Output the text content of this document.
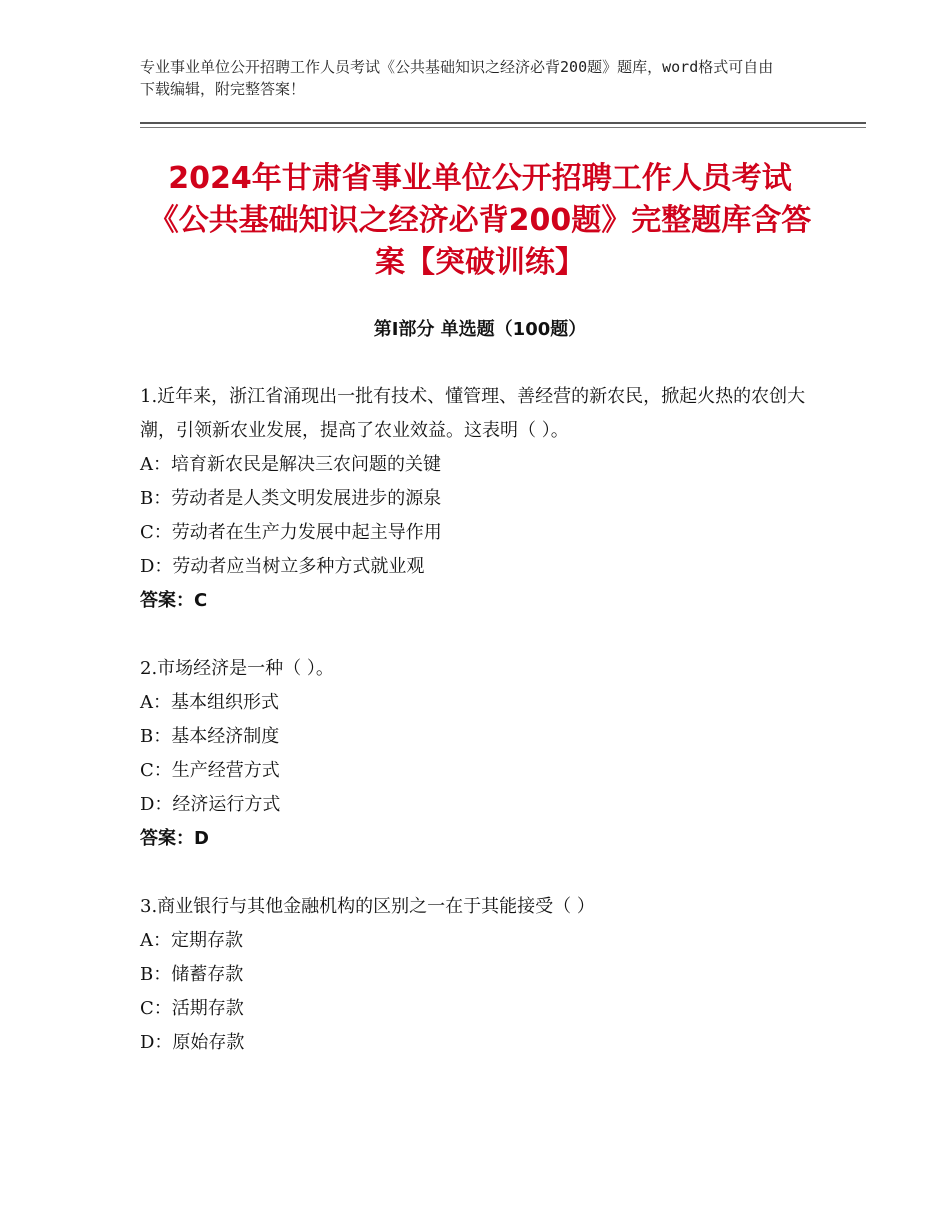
专业事业单位公开招聘工作人员考试《公共基础知识之经济必背200题》题库，word格式可自由下载编辑，附完整答案！
2024年甘肃省事业单位公开招聘工作人员考试《公共基础知识之经济必背200题》完整题库含答案【突破训练】
第Ⅰ部分 单选题（100题）
1.近年来，浙江省涌现出一批有技术、懂管理、善经营的新农民，掀起火热的农创大潮，引领新农业发展，提高了农业效益。这表明（ ）。
A：培育新农民是解决三农问题的关键
B：劳动者是人类文明发展进步的源泉
C：劳动者在生产力发展中起主导作用
D：劳动者应当树立多种方式就业观
答案：C
2.市场经济是一种（ ）。
A：基本组织形式
B：基本经济制度
C：生产经营方式
D：经济运行方式
答案：D
3.商业银行与其他金融机构的区别之一在于其能接受（ ）
A：定期存款
B：储蓄存款
C：活期存款
D：原始存款
